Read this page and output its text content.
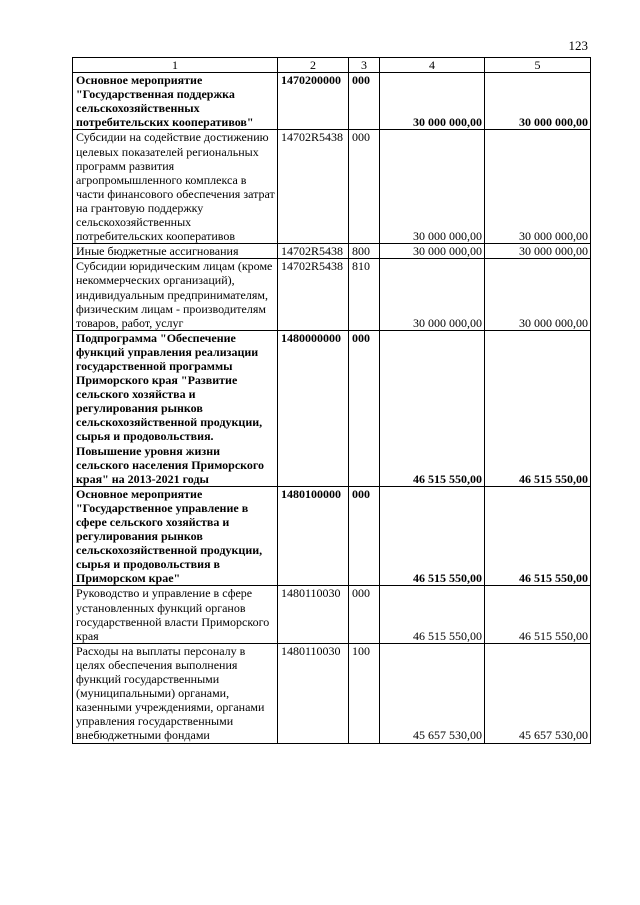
123
1	2	3	4	5
Основное мероприятие "Государственная поддержка сельскохозяйственных потребительских кооперативов"	1470200000	000	30 000 000,00	30 000 000,00
Субсидии на содействие достижению целевых показателей региональных программ развития агропромышленного комплекса в части финансового обеспечения затрат на грантовую поддержку сельскохозяйственных потребительских кооперативов	14702R5438	000	30 000 000,00	30 000 000,00
Иные бюджетные ассигнования	14702R5438	800	30 000 000,00	30 000 000,00
Субсидии юридическим лицам (кроме некоммерческих организаций), индивидуальным предпринимателям, физическим лицам - производителям товаров, работ, услуг	14702R5438	810	30 000 000,00	30 000 000,00
Подпрограмма "Обеспечение функций управления реализации государственной программы Приморского края "Развитие сельского хозяйства и регулирования рынков сельскохозяйственной продукции, сырья и продовольствия. Повышение уровня жизни сельского населения Приморского края" на 2013-2021 годы	1480000000	000	46 515 550,00	46 515 550,00
Основное мероприятие "Государственное управление в сфере сельского хозяйства и регулирования рынков сельскохозяйственной продукции, сырья и продовольствия в Приморском крае"	1480100000	000	46 515 550,00	46 515 550,00
Руководство и управление в сфере установленных функций органов государственной власти Приморского края	1480110030	000	46 515 550,00	46 515 550,00
Расходы на выплаты персоналу в целях обеспечения выполнения функций государственными (муниципальными) органами, казенными учреждениями, органами управления государственными внебюджетными фондами	1480110030	100	45 657 530,00	45 657 530,00
